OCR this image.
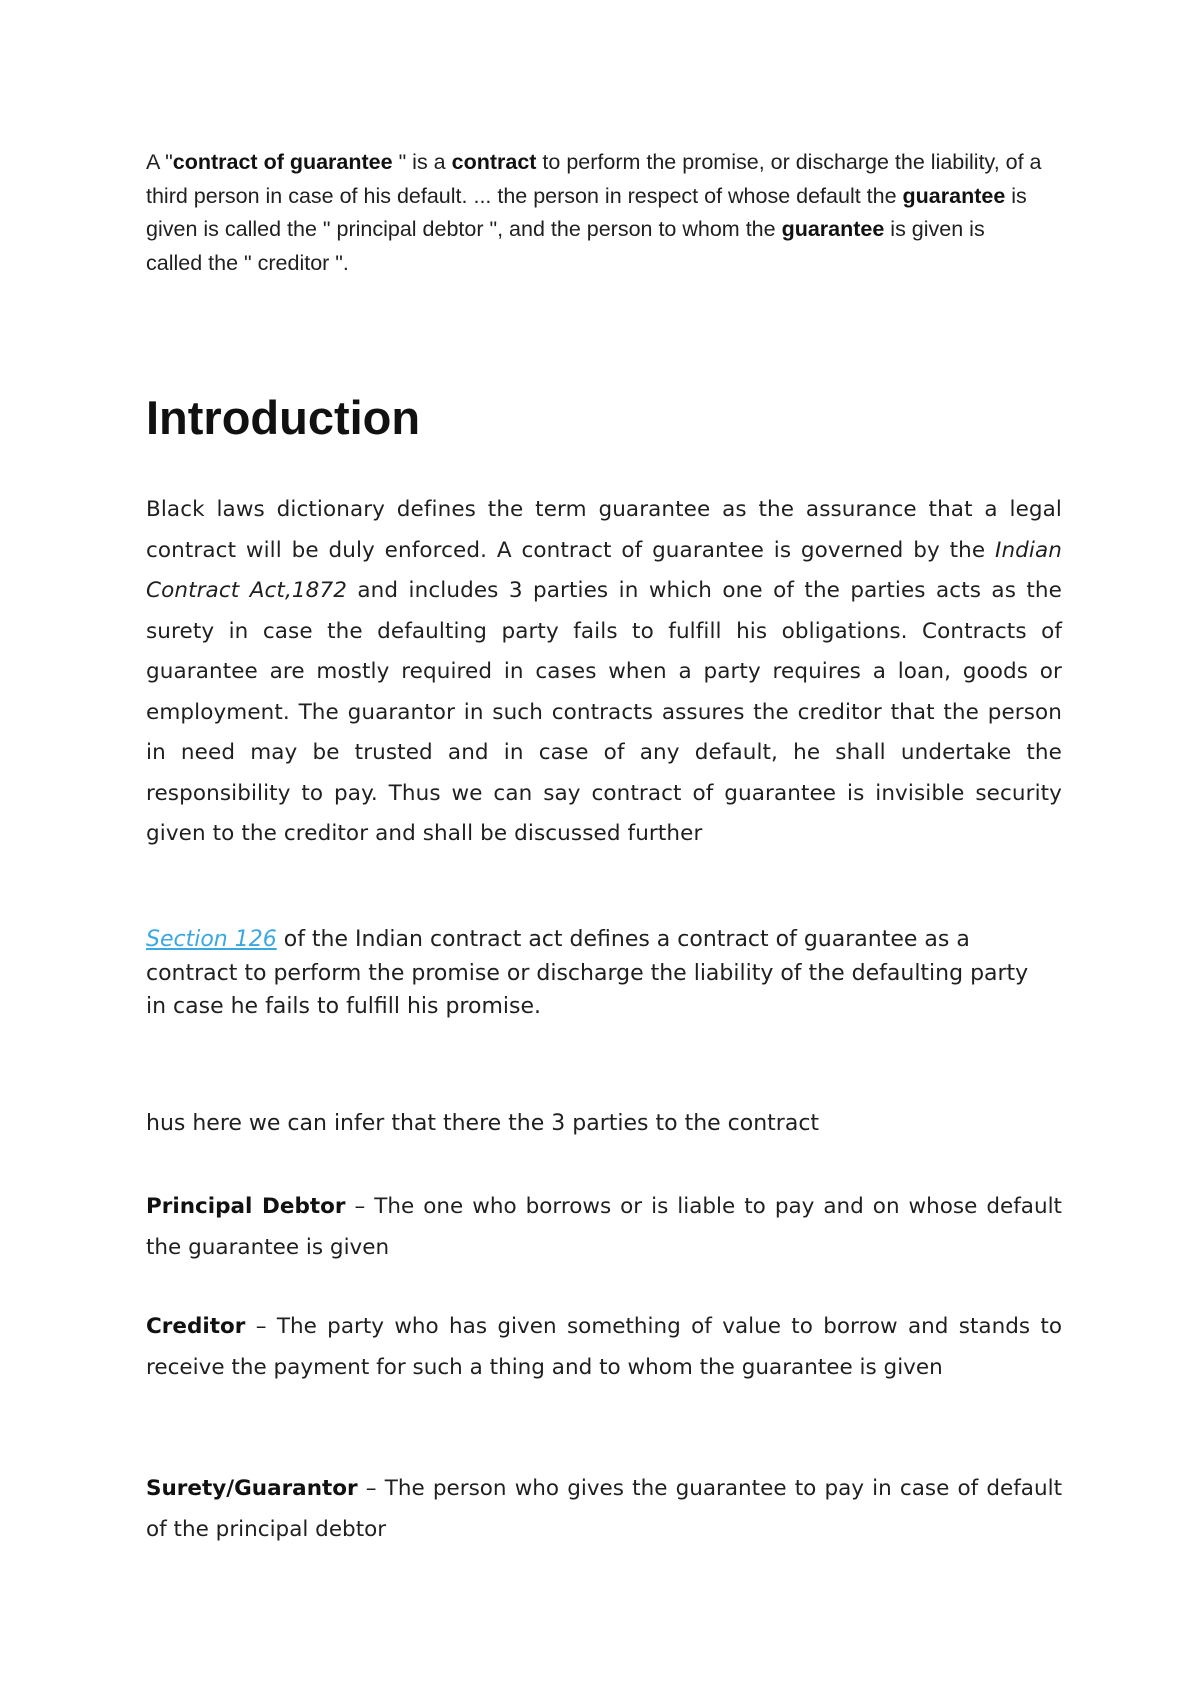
A "contract of guarantee " is a contract to perform the promise, or discharge the liability, of a third person in case of his default. ... the person in respect of whose default the guarantee is given is called the " principal debtor ", and the person to whom the guarantee is given is called the " creditor ".

Introduction

Black laws dictionary defines the term guarantee as the assurance that a legal contract will be duly enforced. A contract of guarantee is governed by the Indian Contract Act,1872 and includes 3 parties in which one of the parties acts as the surety in case the defaulting party fails to fulfill his obligations. Contracts of guarantee are mostly required in cases when a party requires a loan, goods or employment. The guarantor in such contracts assures the creditor that the person in need may be trusted and in case of any default, he shall undertake the responsibility to pay. Thus we can say contract of guarantee is invisible security given to the creditor and shall be discussed further

Section 126 of the Indian contract act defines a contract of guarantee as a contract to perform the promise or discharge the liability of the defaulting party in case he fails to fulfill his promise.

hus here we can infer that there the 3 parties to the contract

Principal Debtor – The one who borrows or is liable to pay and on whose default the guarantee is given

Creditor – The party who has given something of value to borrow and stands to receive the payment for such a thing and to whom the guarantee is given

Surety/Guarantor – The person who gives the guarantee to pay in case of default of the principal debtor
